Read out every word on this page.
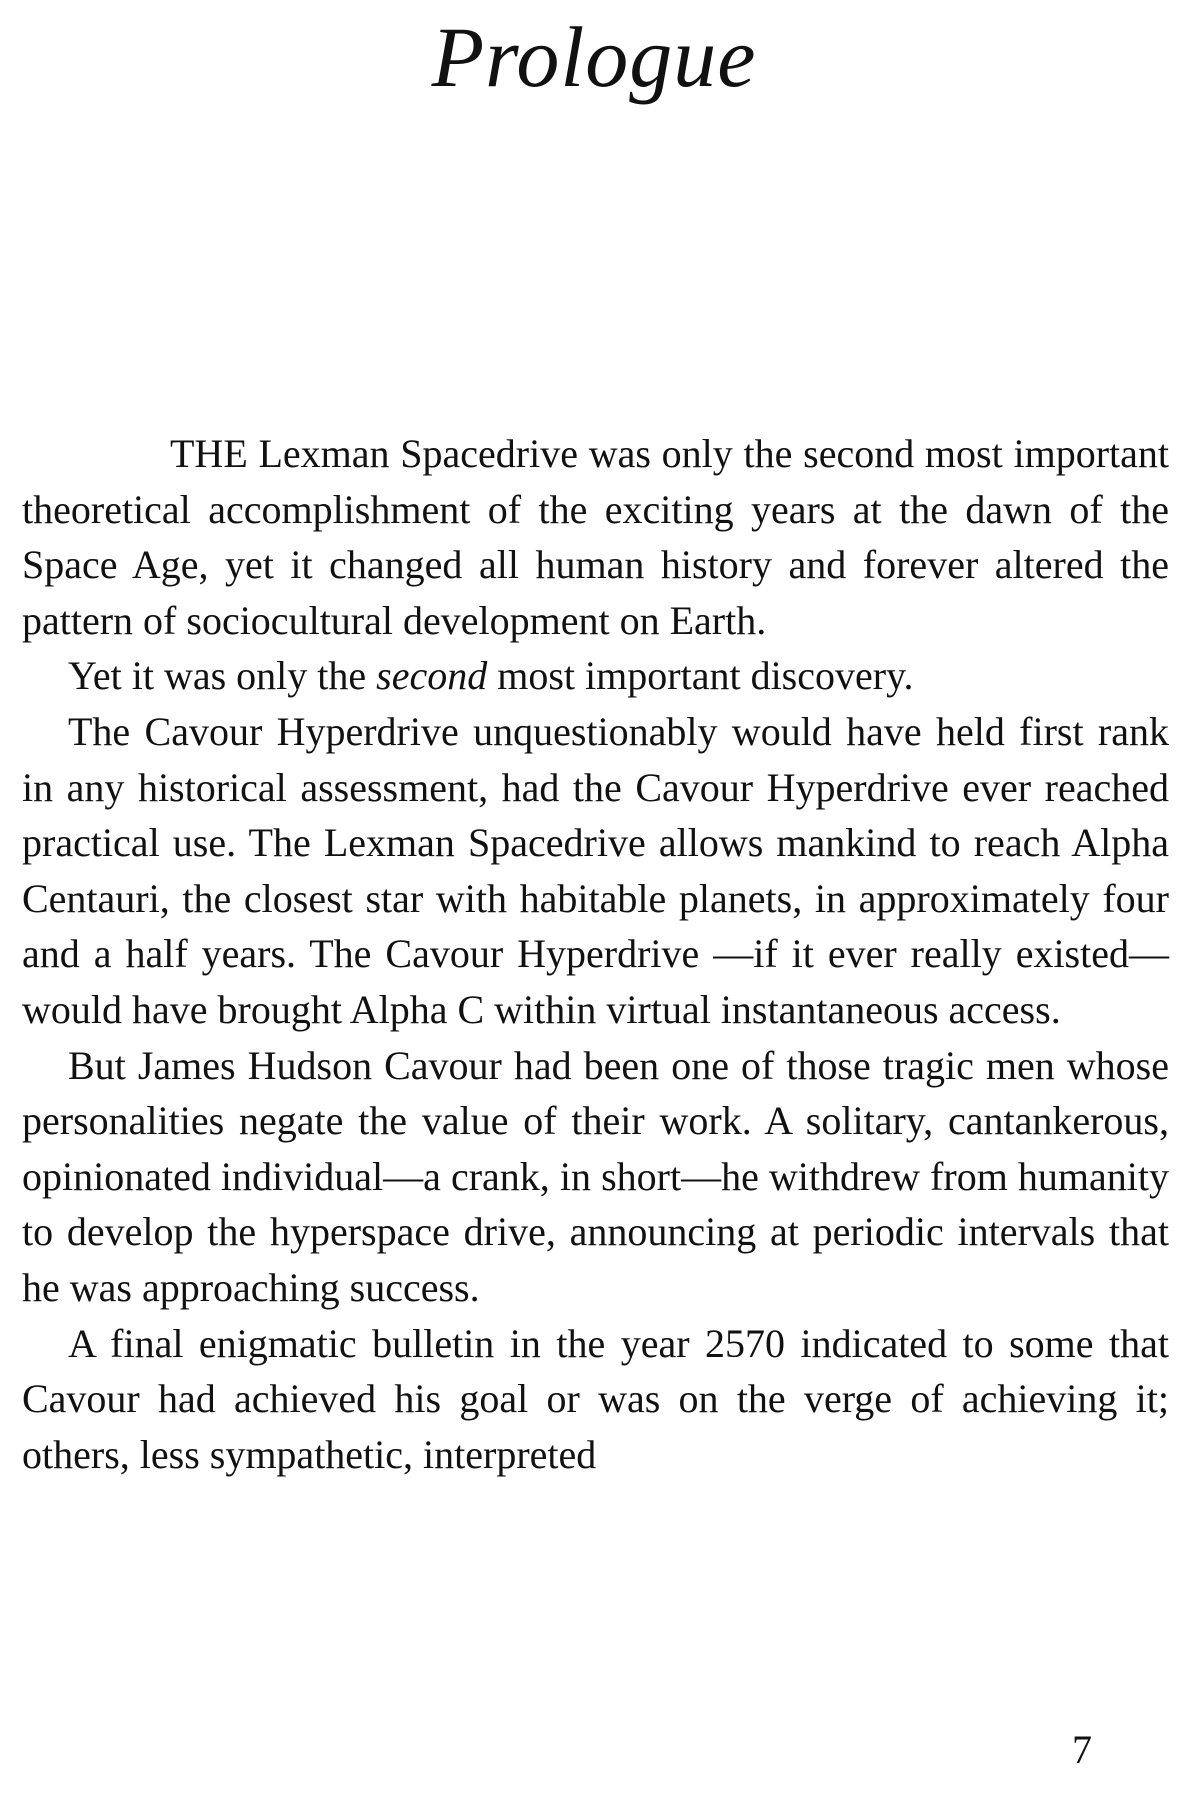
Prologue

THE Lexman Spacedrive was only the second most important theoretical accomplishment of the exciting years at the dawn of the Space Age, yet it changed all human history and forever altered the pattern of sociocultural development on Earth.

Yet it was only the second most important discovery.

The Cavour Hyperdrive unquestionably would have held first rank in any historical assessment, had the Cavour Hyperdrive ever reached practical use. The Lexman Spacedrive allows mankind to reach Alpha Centauri, the closest star with habitable planets, in approximately four and a half years. The Cavour Hyperdrive —if it ever really existed—would have brought Alpha C within virtual instantaneous access.

But James Hudson Cavour had been one of those tragic men whose personalities negate the value of their work. A solitary, cantankerous, opinionated individual—a crank, in short—he withdrew from humanity to develop the hyperspace drive, announcing at periodic intervals that he was approaching success.

A final enigmatic bulletin in the year 2570 indicated to some that Cavour had achieved his goal or was on the verge of achieving it; others, less sympathetic, interpreted

7
